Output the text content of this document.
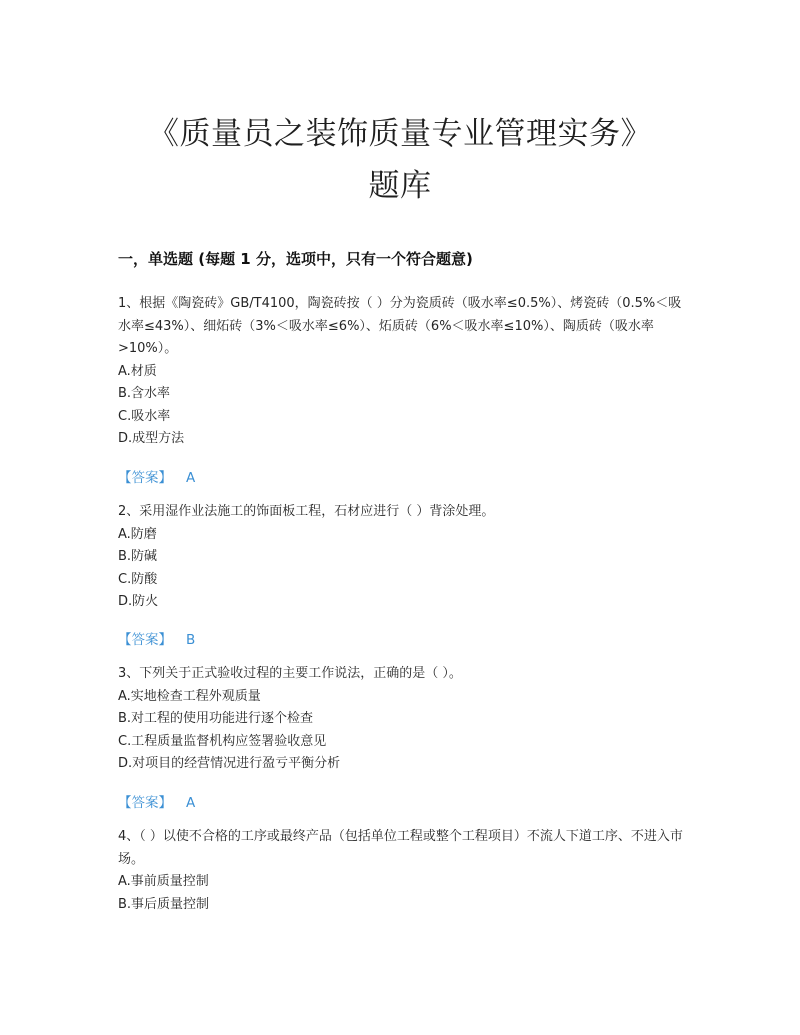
《质量员之装饰质量专业管理实务》
题库
一，单选题 (每题 1 分，选项中，只有一个符合题意)
1、根据《陶瓷砖》GB/T4100，陶瓷砖按（ ）分为瓷质砖（吸水率≤0.5%）、烤瓷砖（0.5%＜吸水率≤43%）、细炻砖（3%＜吸水率≤6%）、炻质砖（6%＜吸水率≤10%）、陶质砖（吸水率>10%）。
A.材质
B.含水率
C.吸水率
D.成型方法
【答案】 A
2、采用湿作业法施工的饰面板工程，石材应进行（ ）背涂处理。
A.防磨
B.防碱
C.防酸
D.防火
【答案】 B
3、下列关于正式验收过程的主要工作说法，正确的是（ ）。
A.实地检查工程外观质量
B.对工程的使用功能进行逐个检查
C.工程质量监督机构应签署验收意见
D.对项目的经营情况进行盈亏平衡分析
【答案】 A
4、（ ）以使不合格的工序或最终产品（包括单位工程或整个工程项目）不流人下道工序、不进入市场。
A.事前质量控制
B.事后质量控制
